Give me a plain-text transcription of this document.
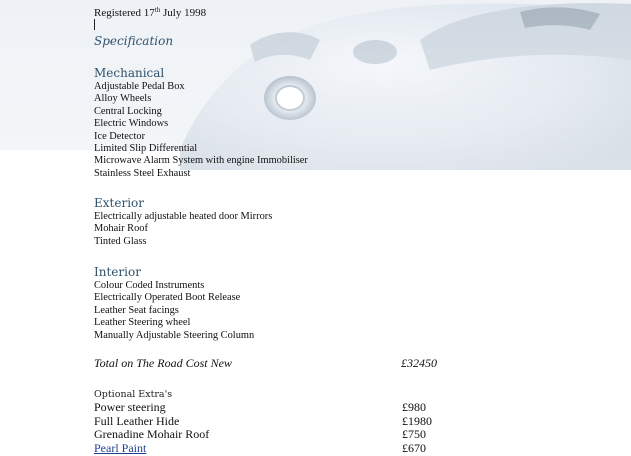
Registered 17th July 1998
Specification
Mechanical
Adjustable Pedal Box
Alloy Wheels
Central Locking
Electric Windows
Ice Detector
Limited Slip Differential
Microwave Alarm System with engine Immobiliser
Stainless Steel Exhaust
Exterior
Electrically adjustable heated door Mirrors
Mohair Roof
Tinted Glass
Interior
Colour Coded Instruments
Electrically Operated Boot Release
Leather Seat facings
Leather Steering wheel
Manually Adjustable Steering Column
Total on The Road Cost New	£32450
Optional Extra's
Power steering	£980
Full Leather Hide	£1980
Grenadine Mohair Roof	£750
Pearl Paint	£670
